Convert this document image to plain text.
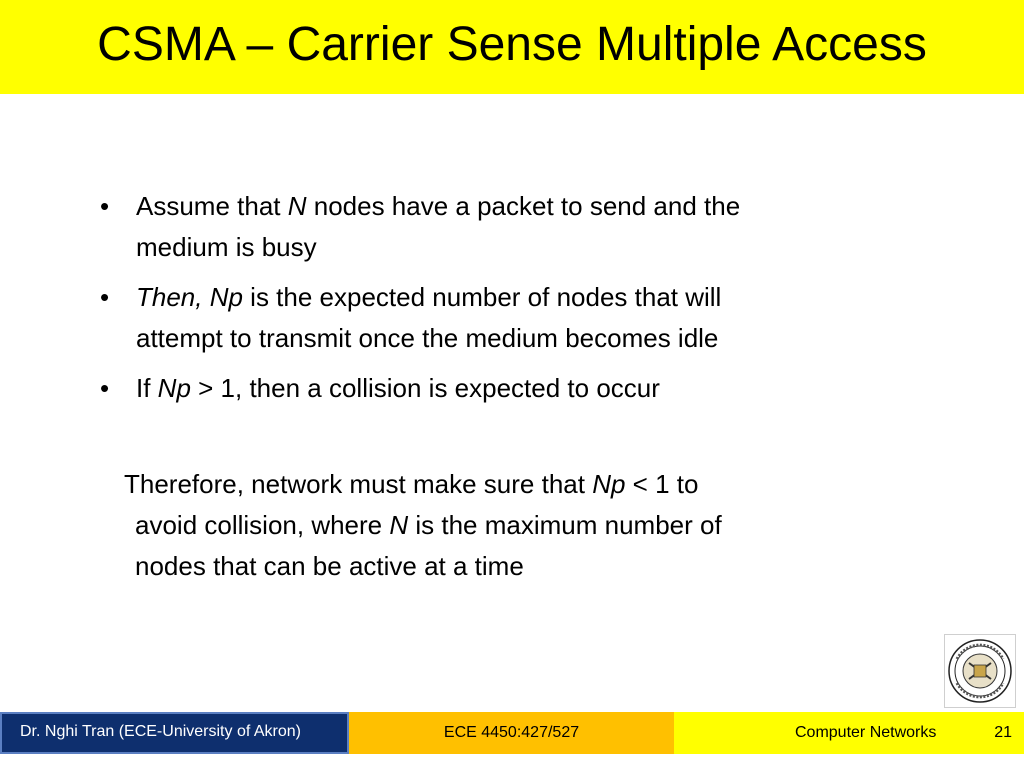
CSMA – Carrier Sense Multiple Access
•	Assume that N nodes have a packet to send and the
medium is busy
•	Then, Np is the expected number of nodes that will
attempt to transmit once the medium becomes idle
•	If Np > 1, then a collision is expected to occur
Therefore, network must make sure that Np < 1 to
avoid collision, where N is the maximum number of
nodes that can be active at a time
Dr. Nghi Tran (ECE-University of Akron)	ECE 4450:427/527	Computer Networks	21
